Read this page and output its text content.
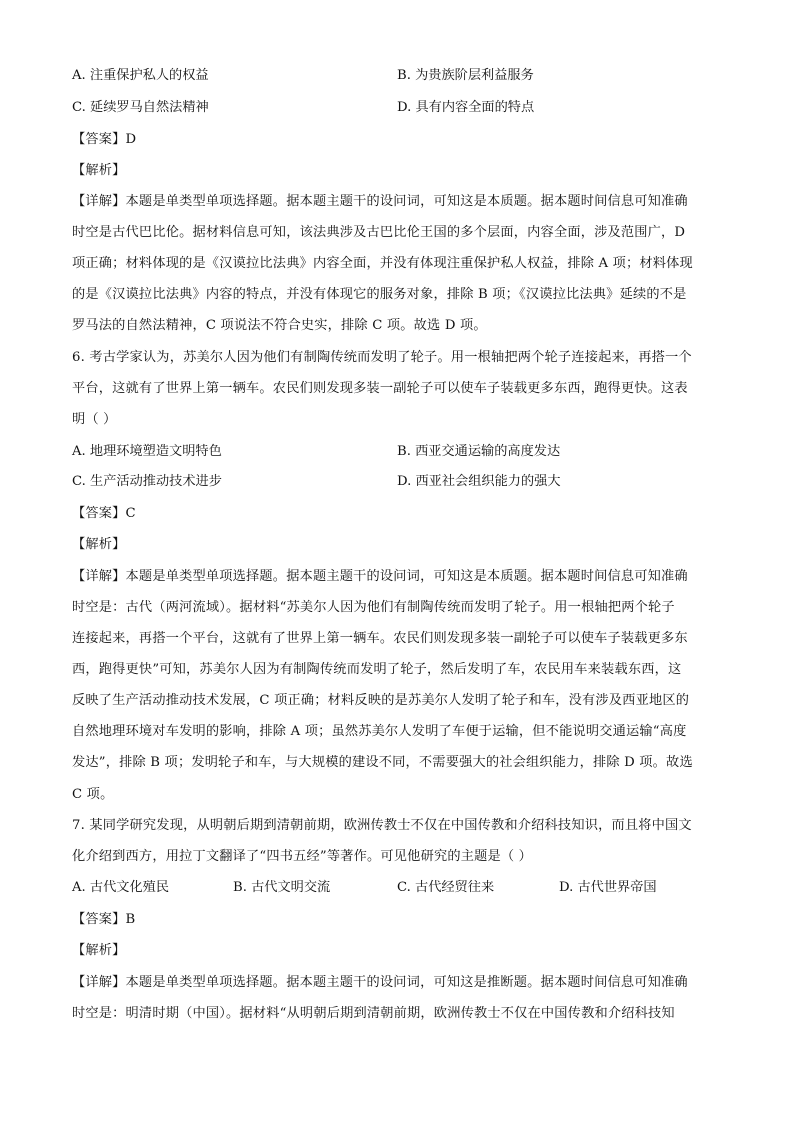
A. 注重保护私人的权益	B. 为贵族阶层利益服务
C. 延续罗马自然法精神	D. 具有内容全面的特点
【答案】D
【解析】
【详解】本题是单类型单项选择题。据本题主题干的设问词，可知这是本质题。据本题时间信息可知准确
时空是古代巴比伦。据材料信息可知，该法典涉及古巴比伦王国的多个层面，内容全面，涉及范围广，D
项正确；材料体现的是《汉谟拉比法典》内容全面，并没有体现注重保护私人权益，排除 A 项；材料体现
的是《汉谟拉比法典》内容的特点，并没有体现它的服务对象，排除 B 项；《汉谟拉比法典》延续的不是
罗马法的自然法精神，C 项说法不符合史实，排除 C 项。故选 D 项。
6. 考古学家认为，苏美尔人因为他们有制陶传统而发明了轮子。用一根轴把两个轮子连接起来，再搭一个
平台，这就有了世界上第一辆车。农民们则发现多装一副轮子可以使车子装载更多东西，跑得更快。这表
明（ ）
A. 地理环境塑造文明特色	B. 西亚交通运输的高度发达
C. 生产活动推动技术进步	D. 西亚社会组织能力的强大
【答案】C
【解析】
【详解】本题是单类型单项选择题。据本题主题干的设问词，可知这是本质题。据本题时间信息可知准确
时空是：古代（两河流域）。据材料“苏美尔人因为他们有制陶传统而发明了轮子。用一根轴把两个轮子
连接起来，再搭一个平台，这就有了世界上第一辆车。农民们则发现多装一副轮子可以使车子装载更多东
西，跑得更快”可知，苏美尔人因为有制陶传统而发明了轮子，然后发明了车，农民用车来装载东西，这
反映了生产活动推动技术发展，C 项正确；材料反映的是苏美尔人发明了轮子和车，没有涉及西亚地区的
自然地理环境对车发明的影响，排除 A 项；虽然苏美尔人发明了车便于运输，但不能说明交通运输“高度
发达”，排除 B 项；发明轮子和车，与大规模的建设不同，不需要强大的社会组织能力，排除 D 项。故选
C 项。
7. 某同学研究发现，从明朝后期到清朝前期，欧洲传教士不仅在中国传教和介绍科技知识，而且将中国文
化介绍到西方，用拉丁文翻译了“四书五经”等著作。可见他研究的主题是（ ）
A. 古代文化殖民	B. 古代文明交流	C. 古代经贸往来	D. 古代世界帝国
【答案】B
【解析】
【详解】本题是单类型单项选择题。据本题主题干的设问词，可知这是推断题。据本题时间信息可知准确
时空是：明清时期（中国）。据材料“从明朝后期到清朝前期，欧洲传教士不仅在中国传教和介绍科技知
